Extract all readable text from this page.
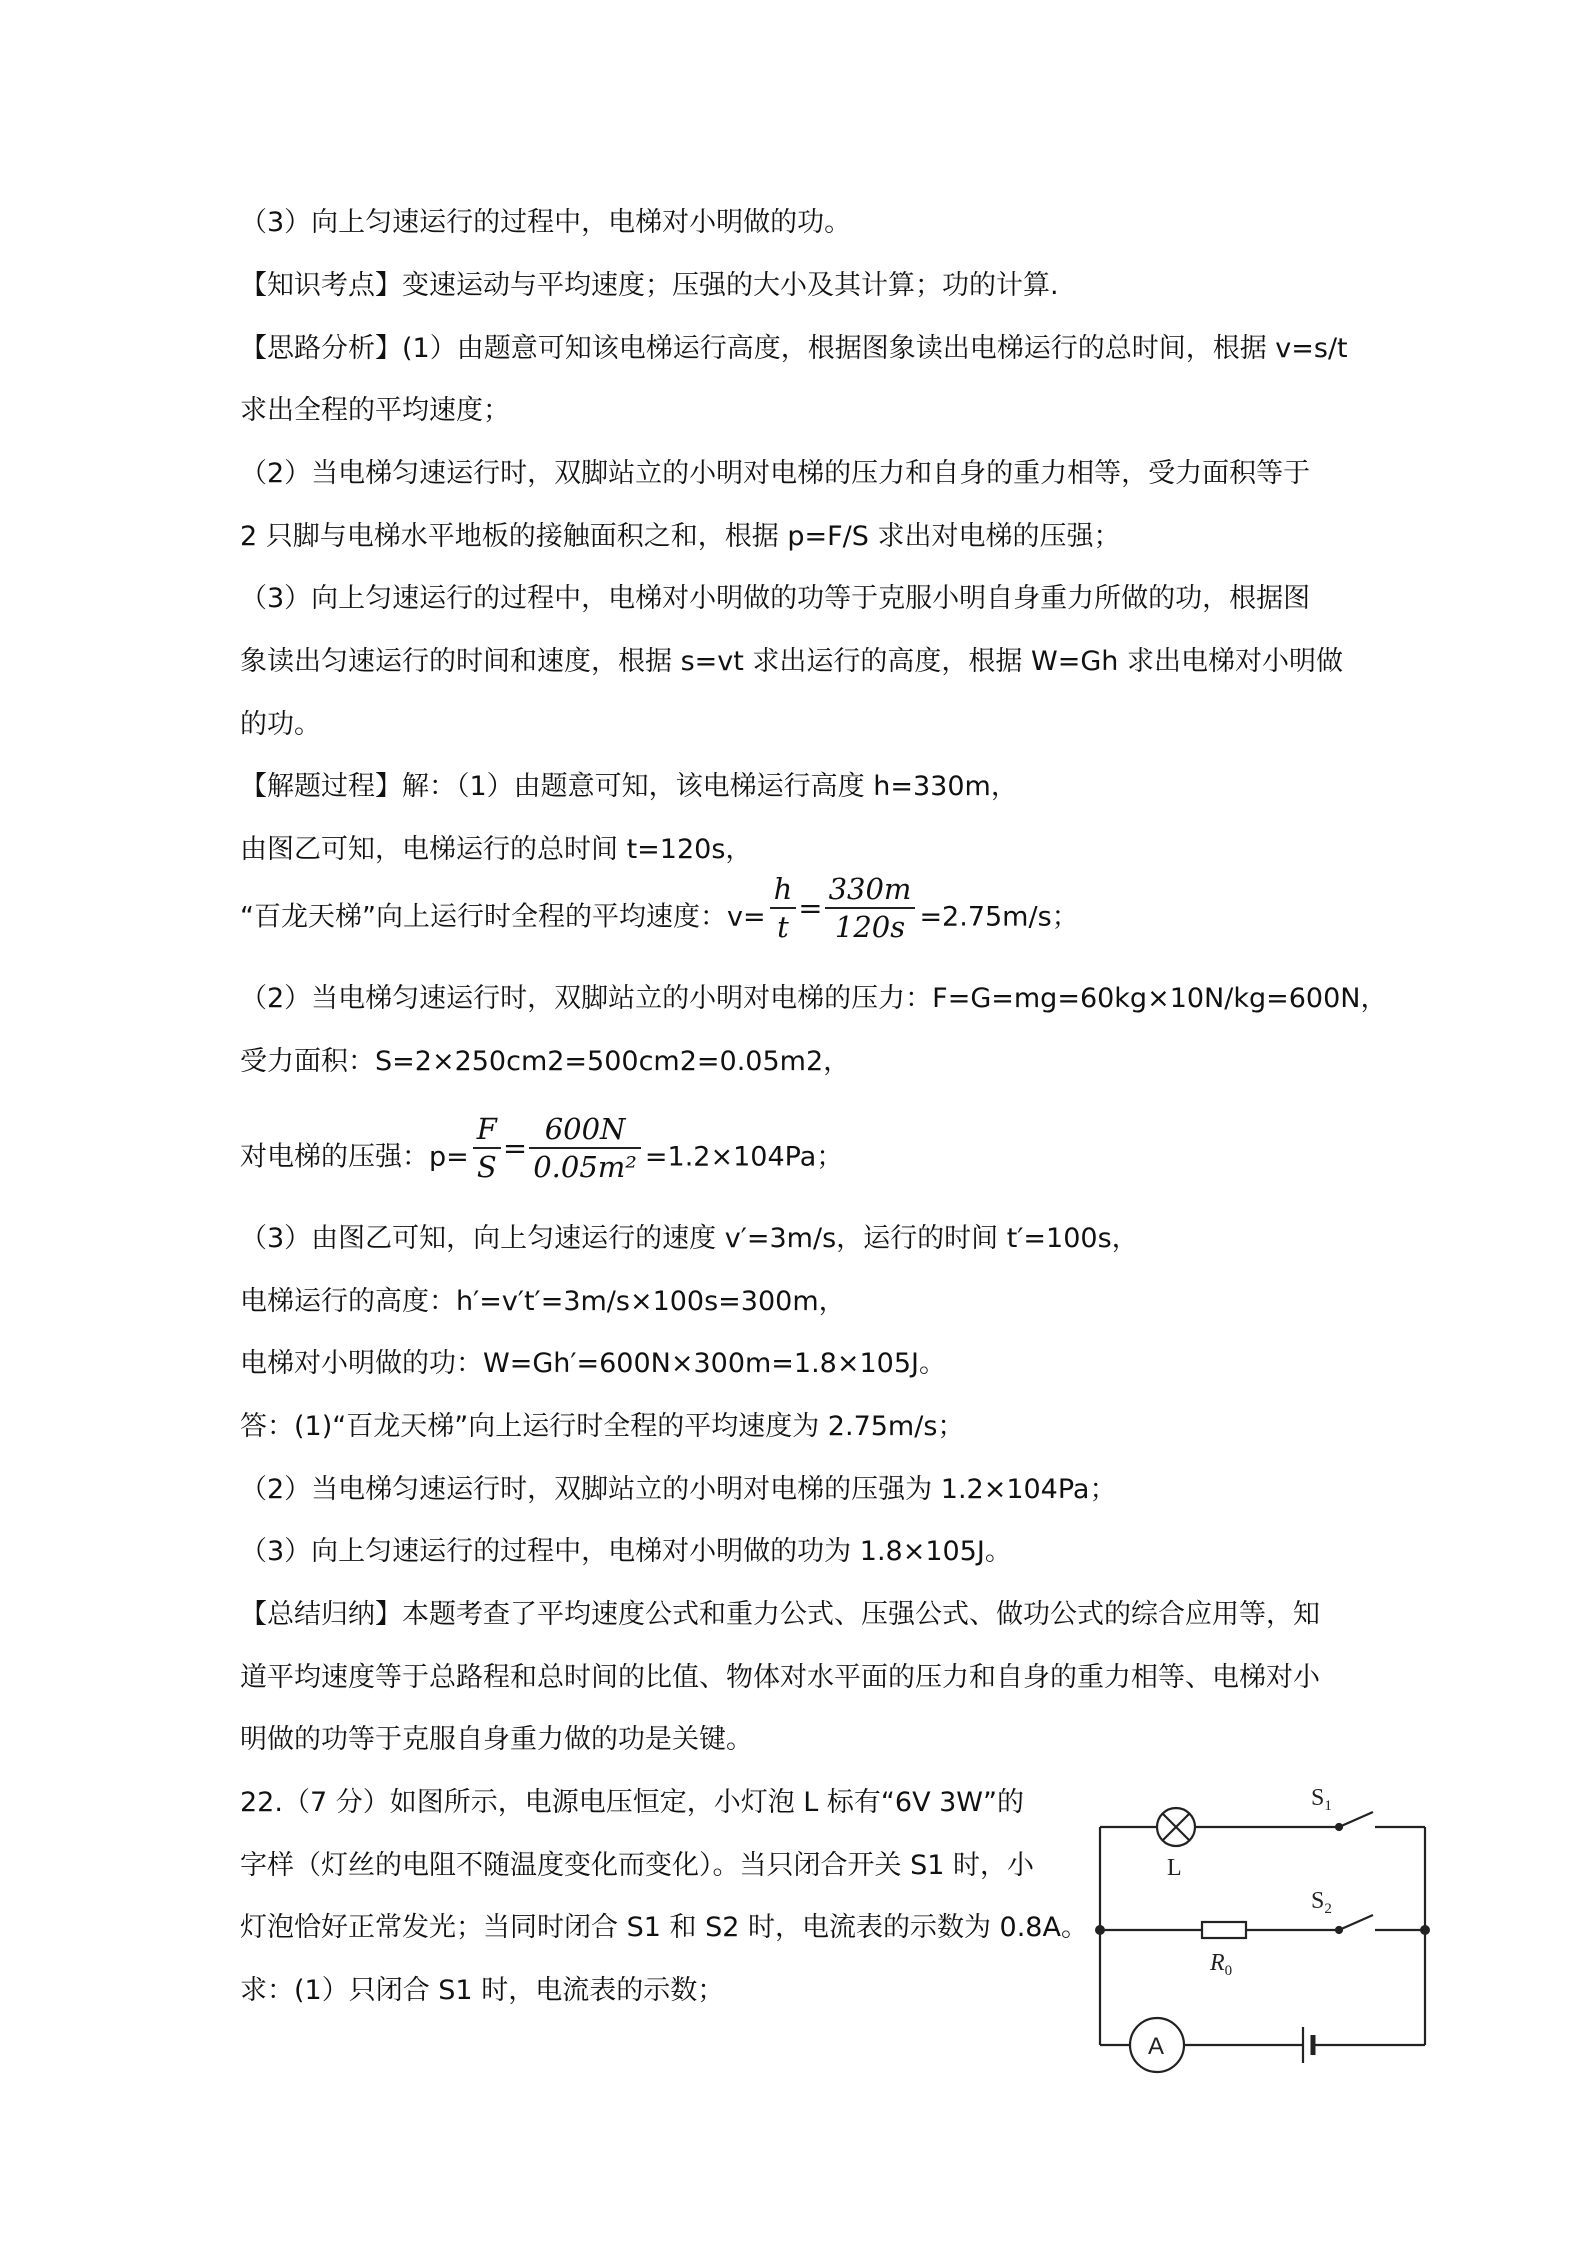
（3）向上匀速运行的过程中，电梯对小明做的功。
【知识考点】变速运动与平均速度；压强的大小及其计算；功的计算.
【思路分析】(1）由题意可知该电梯运行高度，根据图象读出电梯运行的总时间，根据 v=s/t
求出全程的平均速度；
（2）当电梯匀速运行时，双脚站立的小明对电梯的压力和自身的重力相等，受力面积等于
2 只脚与电梯水平地板的接触面积之和，根据 p=F/S 求出对电梯的压强；
（3）向上匀速运行的过程中，电梯对小明做的功等于克服小明自身重力所做的功，根据图
象读出匀速运行的时间和速度，根据 s=vt 求出运行的高度，根据 W=Gh 求出电梯对小明做
的功。
【解题过程】解：（1）由题意可知，该电梯运行高度 h=330m，
由图乙可知，电梯运行的总时间 t=120s，
“百龙天梯”向上运行时全程的平均速度：$v= \frac{h}{t} = \frac{330m}{120s} =2.75m/s$；
（2）当电梯匀速运行时，双脚站立的小明对电梯的压力：F=G=mg=60kg×10N/kg=600N，
受力面积：S=2×250cm2=500cm2=0.05m2，
对电梯的压强：$p= \frac{F}{S} = \frac{600N}{\text{0.05m²}} =1.2\times 104Pa$；
（3）由图乙可知，向上匀速运行的速度 v′=3m/s，运行的时间 t′=100s，
电梯运行的高度：h′=v′t′=3m/s×100s=300m，
电梯对小明做的功：W=Gh′=600N×300m=1.8×105J。
答：(1)“百龙天梯”向上运行时全程的平均速度为 2.75m/s；
（2）当电梯匀速运行时，双脚站立的小明对电梯的压强为 1.2×104Pa；
（3）向上匀速运行的过程中，电梯对小明做的功为 1.8×105J。
【总结归纳】本题考查了平均速度公式和重力公式、压强公式、做功公式的综合应用等，知
道平均速度等于总路程和总时间的比值、物体对水平面的压力和自身的重力相等、电梯对小
明做的功等于克服自身重力做的功是关键。
22.（7 分）如图所示，电源电压恒定，小灯泡 L 标有“6V 3W”的
字样（灯丝的电阻不随温度变化而变化）。当只闭合开关 S1 时，小
灯泡恰好正常发光；当同时闭合 S1 和 S2 时，电流表的示数为 0.8A。
求：(1）只闭合 S1 时，电流表的示数；
L
$S_1$
$S_2$
$R_0$
A
